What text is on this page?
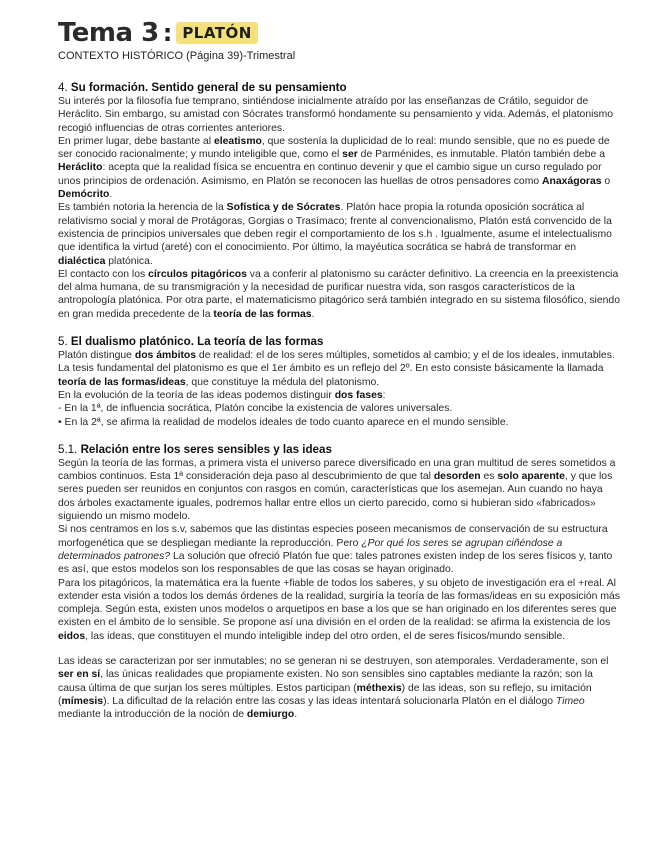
Tema 3 : PLATÓN
CONTEXTO HISTÓRICO (Página 39)-Trimestral
4. Su formación. Sentido general de su pensamiento

Su interés por la filosofía fue temprano, sintiéndose inicialmente atraído por las enseñanzas de Crátilo, seguidor de Heráclito. Sin embargo, su amistad con Sócrates transformó hondamente su pensamiento y vida. Además, el platonismo recogió influencias de otras corrientes anteriores.

En primer lugar, debe bastante al eleatismo, que sostenía la duplicidad de lo real: mundo sensible, que no es puede de ser conocido racionalmente; y mundo inteligible que, como el ser de Parménides, es inmutable. Platón también debe a Heráclito: acepta que la realidad física se encuentra en continuo devenir y que el cambio sigue un curso regulado por unos principios de ordenación. Asimismo, en Platón se reconocen las huellas de otros pensadores como Anaxágoras o Demócrito.

Es también notoria la herencia de la Sofística y de Sócrates. Platón hace propia la rotunda oposición socrática al relativismo social y moral de Protágoras, Gorgias o Trasímaco; frente al convencionalismo, Platón está convencido de la existencia de principios universales que deben regir el comportamiento de los s.h . Igualmente, asume el intelectualismo que identifica la virtud (areté) con el conocimiento. Por último, la mayéutica socrática se habrá de transformar en dialéctica platónica.

El contacto con los círculos pitagóricos va a conferir al platonismo su carácter definitivo. La creencia en la preexistencia del alma humana, de su transmigración y la necesidad de purificar nuestra vida, son rasgos característicos de la antropología platónica. Por otra parte, el matematicismo pitagórico será también integrado en su sistema filosófico, siendo en gran medida precedente de la teoría de las formas.

5. El dualismo platónico. La teoría de las formas

Platón distingue dos ámbitos de realidad: el de los seres múltiples, sometidos al cambio; y el de los ideales, inmutables.

La tesis fundamental del platonismo es que el 1er ámbito es un reflejo del 2º. En esto consiste básicamente la llamada teoría de las formas/ideas, que constituye la médula del platonismo.

En la evolución de la teoría de las ideas podemos distinguir dos fases:

- En la 1ª, de influencia socrática, Platón concibe la existencia de valores universales.

• En la 2ª, se afirma la realidad de modelos ideales de todo cuanto aparece en el mundo sensible.

5.1. Relación entre los seres sensibles y las ideas

Según la teoría de las formas, a primera vista el universo parece diversificado en una gran multitud de seres sometidos a cambios continuos. Esta 1ª consideración deja paso al descubrimiento de que tal desorden es solo aparente, y que los seres pueden ser reunidos en conjuntos con rasgos en común, características que los asemejan. Aun cuando no haya dos árboles exactamente iguales, podremos hallar entre ellos un cierto parecido, como si hubieran sido «fabricados» siguiendo un mismo modelo.

Si nos centramos en los s.v, sabemos que las distintas especies poseen mecanismos de conservación de su estructura morfogenética que se despliegan mediante la reproducción. Pero ¿Por qué los seres se agrupan ciñéndose a determinados patrones? La solución que ofreció Platón fue que: tales patrones existen indep de los seres físicos y, tanto es así, que estos modelos son los responsables de que las cosas se hayan originado.

Para los pitagóricos, la matemática era la fuente +fiable de todos los saberes, y su objeto de investigación era el +real. Al extender esta visión a todos los demás órdenes de la realidad, surgiría la teoría de las formas/ideas en su exposición más compleja. Según esta, existen unos modelos o arquetipos en base a los que se han originado en los diferentes seres que existen en el ámbito de lo sensible. Se propone así una división en el orden de la realidad: se afirma la existencia de los eidos, las ideas, que constituyen el mundo inteligible indep del otro orden, el de seres físicos/mundo sensible.

Las ideas se caracterizan por ser inmutables; no se generan ni se destruyen, son atemporales. Verdaderamente, son el ser en sí, las únicas realidades que propiamente existen. No son sensibles sino captables mediante la razón; son la causa última de que surjan los seres múltiples. Estos participan (méthexis) de las ideas, son su reflejo, su imitación (mímesis). La dificultad de la relación entre las cosas y las ideas intentará solucionarla Platón en el diálogo Timeo mediante la introducción de la noción de demiurgo.
